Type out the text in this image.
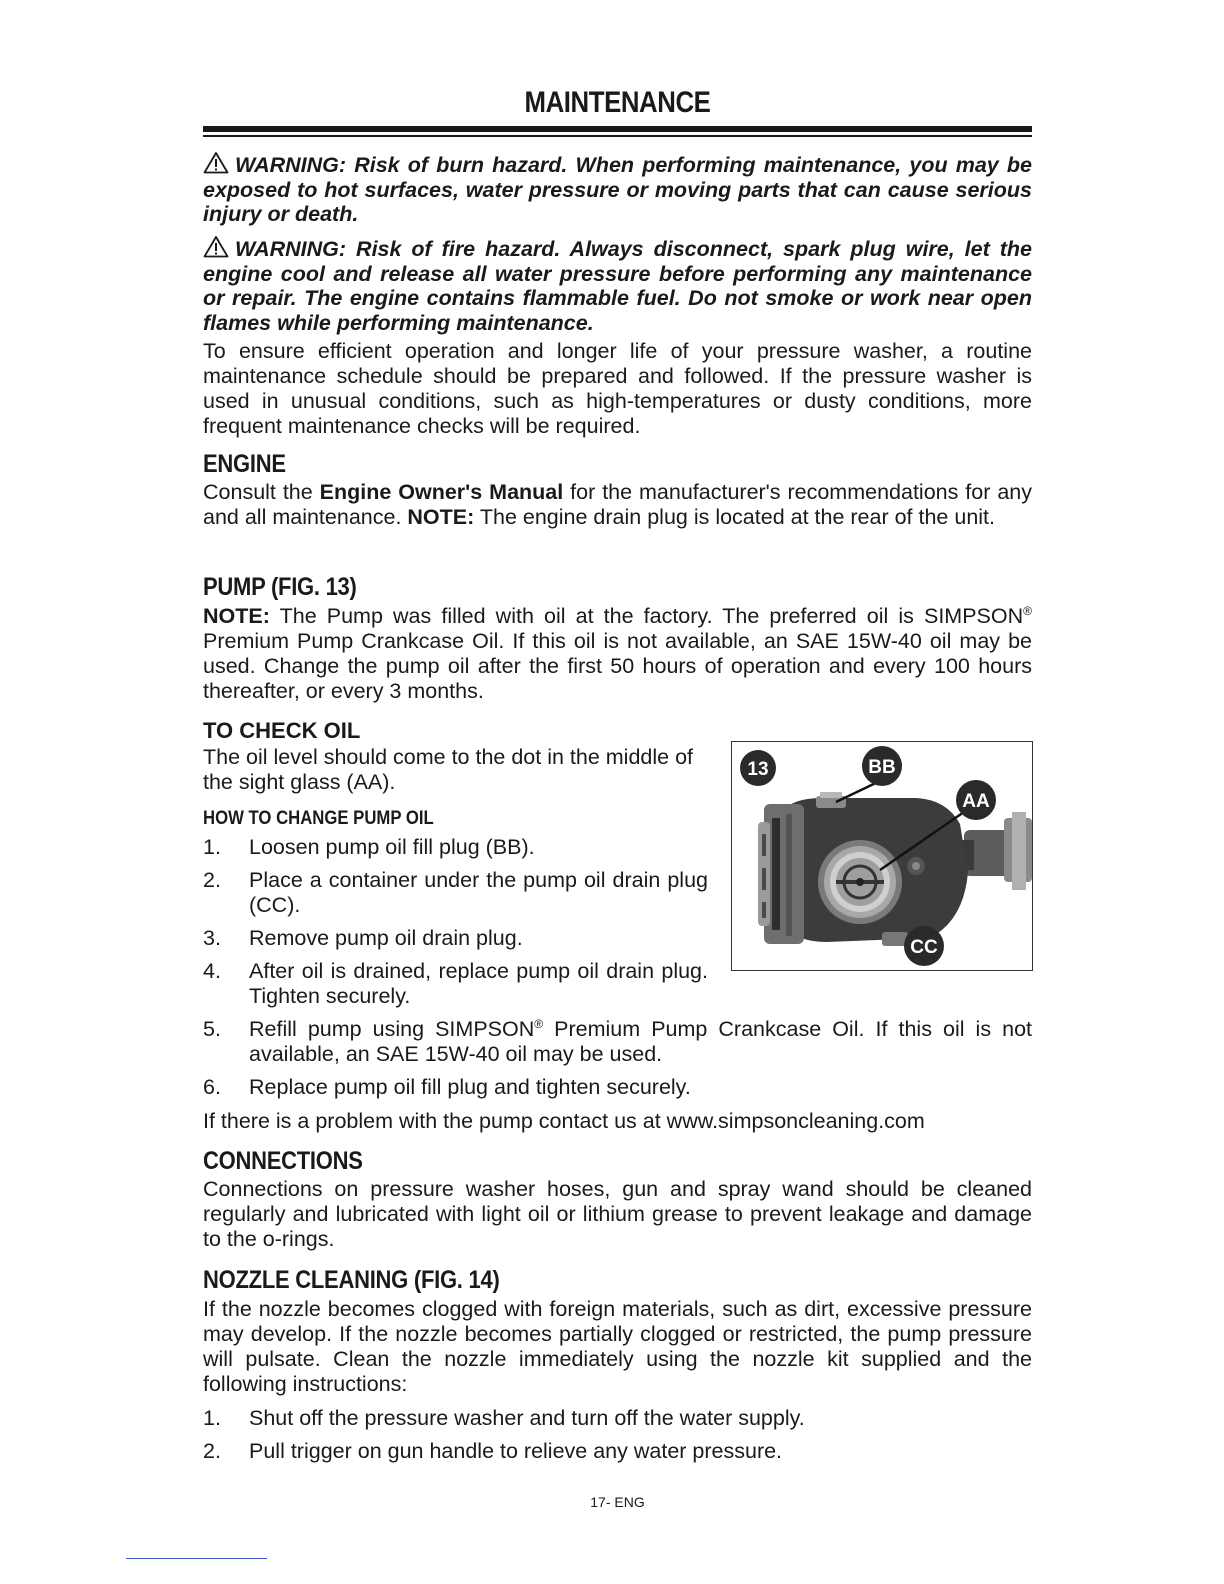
MAINTENANCE
WARNING: Risk of burn hazard. When performing maintenance, you may be exposed to hot surfaces, water pressure or moving parts that can cause serious injury or death.
WARNING: Risk of fire hazard. Always disconnect, spark plug wire, let the engine cool and release all water pressure before performing any maintenance or repair. The engine contains flammable fuel. Do not smoke or work near open flames while performing maintenance.
To ensure efficient operation and longer life of your pressure washer, a routine maintenance schedule should be prepared and followed. If the pressure washer is used in unusual conditions, such as high-temperatures or dusty conditions, more frequent maintenance checks will be required.
ENGINE
Consult the Engine Owner's Manual for the manufacturer's recommendations for any and all maintenance. NOTE: The engine drain plug is located at the rear of the unit.
PUMP (FIG. 13)
NOTE: The Pump was filled with oil at the factory. The preferred oil is SIMPSON® Premium Pump Crankcase Oil. If this oil is not available, an SAE 15W-40 oil may be used. Change the pump oil after the first 50 hours of operation and every 100 hours thereafter, or every 3 months.
TO CHECK OIL
The oil level should come to the dot in the middle of the sight glass (AA).
HOW TO CHANGE PUMP OIL
1. Loosen pump oil fill plug (BB).
2. Place a container under the pump oil drain plug (CC).
3. Remove pump oil drain plug.
4. After oil is drained, replace pump oil drain plug. Tighten securely.
5. Refill pump using SIMPSON® Premium Pump Crankcase Oil. If this oil is not available, an SAE 15W-40 oil may be used.
6. Replace pump oil fill plug and tighten securely.
If there is a problem with the pump contact us at www.simpsoncleaning.com
13	BB
AA
CC
CONNECTIONS
Connections on pressure washer hoses, gun and spray wand should be cleaned regularly and lubricated with light oil or lithium grease to prevent leakage and damage to the o-rings.
NOZZLE CLEANING (FIG. 14)
If the nozzle becomes clogged with foreign materials, such as dirt, excessive pressure may develop. If the nozzle becomes partially clogged or restricted, the pump pressure will pulsate. Clean the nozzle immediately using the nozzle kit supplied and the following instructions:
1. Shut off the pressure washer and turn off the water supply.
2. Pull trigger on gun handle to relieve any water pressure.
17- ENG
